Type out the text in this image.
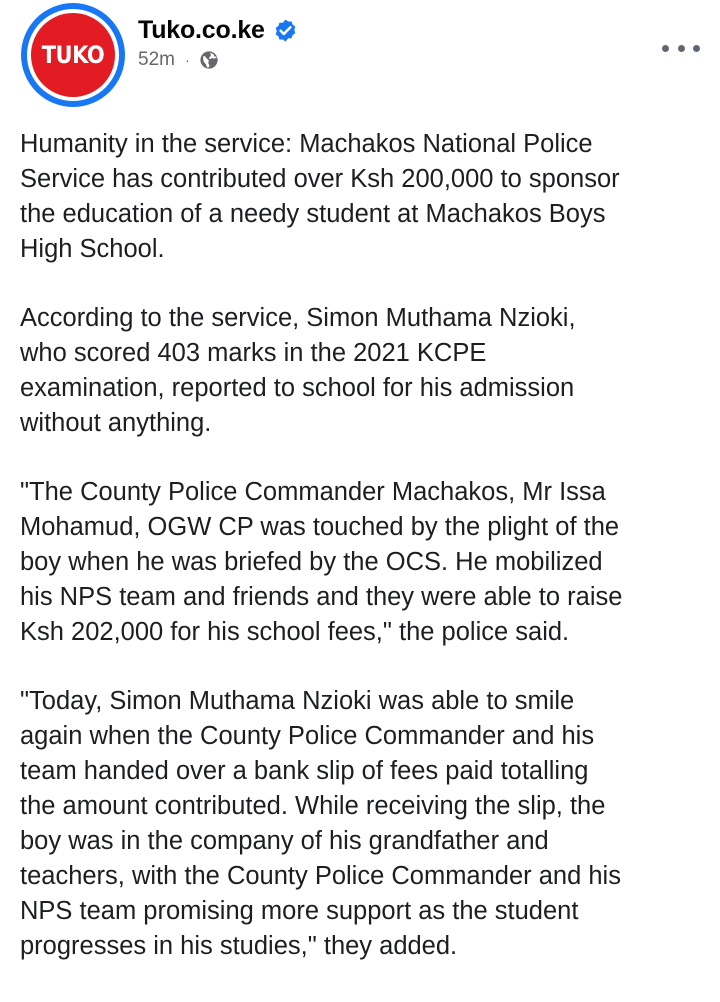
TUKO
Tuko.co.ke
52m ·

Humanity in the service: Machakos National Police
Service has contributed over Ksh 200,000 to sponsor
the education of a needy student at Machakos Boys
High School.

According to the service, Simon Muthama Nzioki,
who scored 403 marks in the 2021 KCPE
examination, reported to school for his admission
without anything.

"The County Police Commander Machakos, Mr Issa
Mohamud, OGW CP was touched by the plight of the
boy when he was briefed by the OCS. He mobilized
his NPS team and friends and they were able to raise
Ksh 202,000 for his school fees," the police said.

"Today, Simon Muthama Nzioki was able to smile
again when the County Police Commander and his
team handed over a bank slip of fees paid totalling
the amount contributed. While receiving the slip, the
boy was in the company of his grandfather and
teachers, with the County Police Commander and his
NPS team promising more support as the student
progresses in his studies," they added.
